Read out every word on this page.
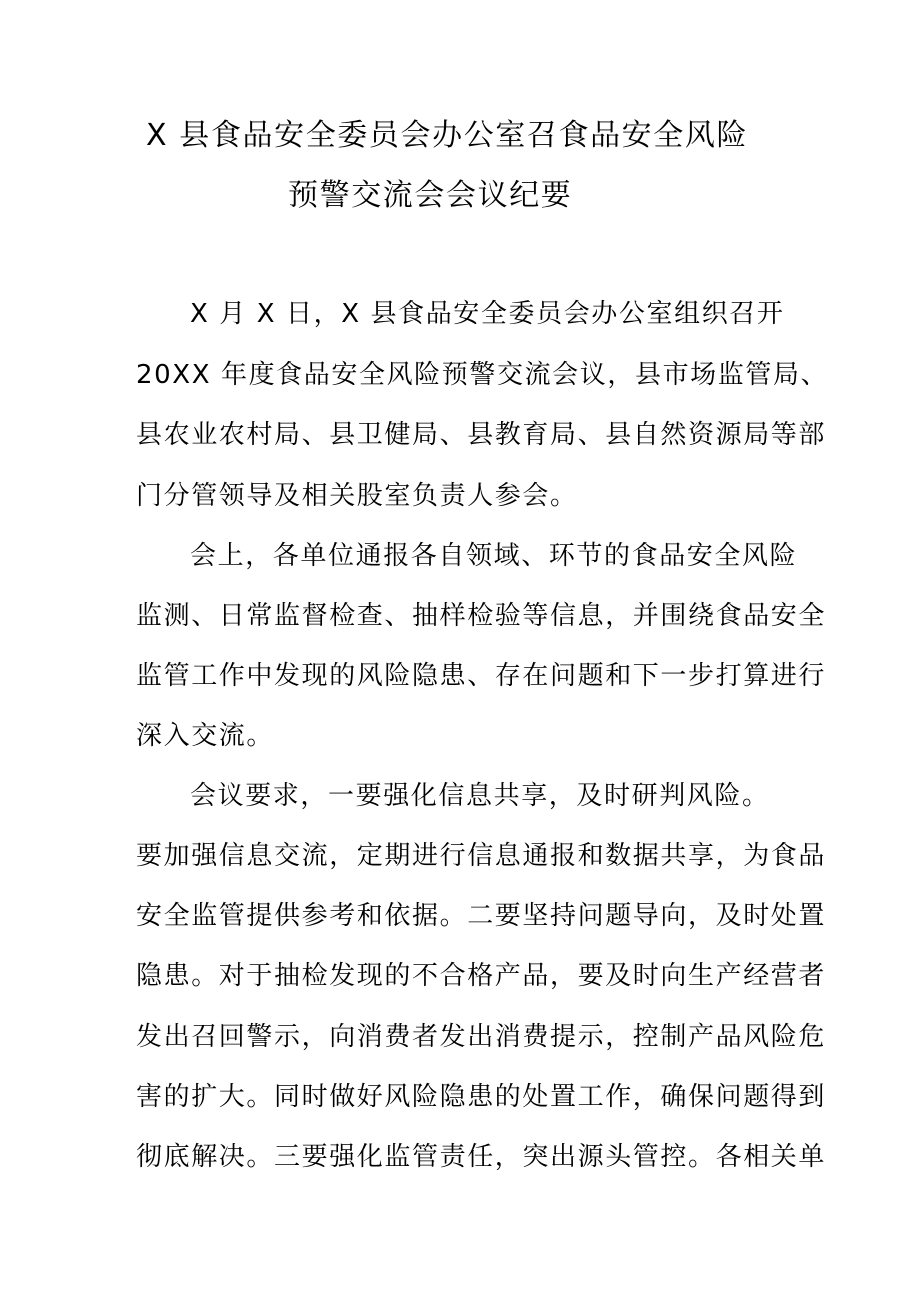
X 县食品安全委员会办公室召食品安全风险
预警交流会会议纪要
X 月 X 日，X 县食品安全委员会办公室组织召开
20XX 年度食品安全风险预警交流会议，县市场监管局、
县农业农村局、县卫健局、县教育局、县自然资源局等部
门分管领导及相关股室负责人参会。
会上，各单位通报各自领域、环节的食品安全风险
监测、日常监督检查、抽样检验等信息，并围绕食品安全
监管工作中发现的风险隐患、存在问题和下一步打算进行
深入交流。
会议要求，一要强化信息共享，及时研判风险。
要加强信息交流，定期进行信息通报和数据共享，为食品
安全监管提供参考和依据。二要坚持问题导向，及时处置
隐患。对于抽检发现的不合格产品，要及时向生产经营者
发出召回警示，向消费者发出消费提示，控制产品风险危
害的扩大。同时做好风险隐患的处置工作，确保问题得到
彻底解决。三要强化监管责任，突出源头管控。各相关单
